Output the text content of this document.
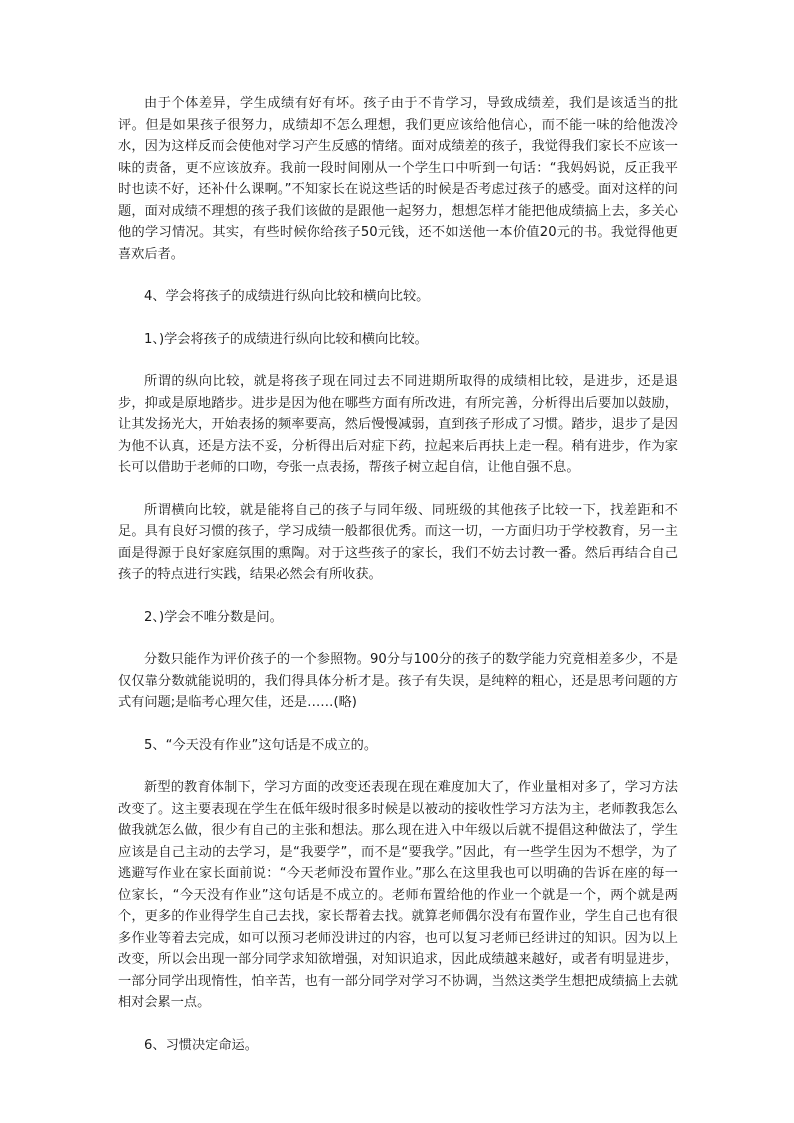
由于个体差异，学生成绩有好有坏。孩子由于不肯学习，导致成绩差，我们是该适当的批评。但是如果孩子很努力，成绩却不怎么理想，我们更应该给他信心，而不能一味的给他泼冷水，因为这样反而会使他对学习产生反感的情绪。面对成绩差的孩子，我觉得我们家长不应该一味的责备，更不应该放弃。我前一段时间刚从一个学生口中听到一句话：“我妈妈说，反正我平时也读不好，还补什么课啊。”不知家长在说这些话的时候是否考虑过孩子的感受。面对这样的问题，面对成绩不理想的孩子我们该做的是跟他一起努力，想想怎样才能把他成绩搞上去，多关心他的学习情况。其实，有些时候你给孩子50元钱，还不如送他一本价值20元的书。我觉得他更喜欢后者。

4、学会将孩子的成绩进行纵向比较和横向比较。

1、)学会将孩子的成绩进行纵向比较和横向比较。

所谓的纵向比较，就是将孩子现在同过去不同进期所取得的成绩相比较，是进步，还是退步，抑或是原地踏步。进步是因为他在哪些方面有所改进，有所完善，分析得出后要加以鼓励，让其发扬光大，开始表扬的频率要高，然后慢慢减弱，直到孩子形成了习惯。踏步，退步了是因为他不认真，还是方法不妥，分析得出后对症下药，拉起来后再扶上走一程。稍有进步，作为家长可以借助于老师的口吻，夸张一点表扬，帮孩子树立起自信，让他自强不息。

所谓横向比较，就是能将自己的孩子与同年级、同班级的其他孩子比较一下，找差距和不足。具有良好习惯的孩子，学习成绩一般都很优秀。而这一切，一方面归功于学校教育，另一主面是得源于良好家庭氛围的熏陶。对于这些孩子的家长，我们不妨去讨教一番。然后再结合自己孩子的特点进行实践，结果必然会有所收获。

2、)学会不唯分数是问。

分数只能作为评价孩子的一个参照物。90分与100分的孩子的数学能力究竟相差多少，不是仅仅靠分数就能说明的，我们得具体分析才是。孩子有失误，是纯粹的粗心，还是思考问题的方式有问题;是临考心理欠佳，还是……(略)

5、“今天没有作业”这句话是不成立的。

新型的教育体制下，学习方面的改变还表现在现在难度加大了，作业量相对多了，学习方法改变了。这主要表现在学生在低年级时很多时候是以被动的接收性学习方法为主，老师教我怎么做我就怎么做，很少有自己的主张和想法。那么现在进入中年级以后就不提倡这种做法了，学生应该是自己主动的去学习，是“我要学”，而不是“要我学。”因此，有一些学生因为不想学，为了逃避写作业在家长面前说：“今天老师没布置作业。”那么在这里我也可以明确的告诉在座的每一位家长，“今天没有作业”这句话是不成立的。老师布置给他的作业一个就是一个，两个就是两个，更多的作业得学生自己去找，家长帮着去找。就算老师偶尔没有布置作业，学生自己也有很多作业等着去完成，如可以预习老师没讲过的内容，也可以复习老师已经讲过的知识。因为以上改变，所以会出现一部分同学求知欲增强，对知识追求，因此成绩越来越好，或者有明显进步，一部分同学出现惰性，怕辛苦，也有一部分同学对学习不协调，当然这类学生想把成绩搞上去就相对会累一点。

6、习惯决定命运。
